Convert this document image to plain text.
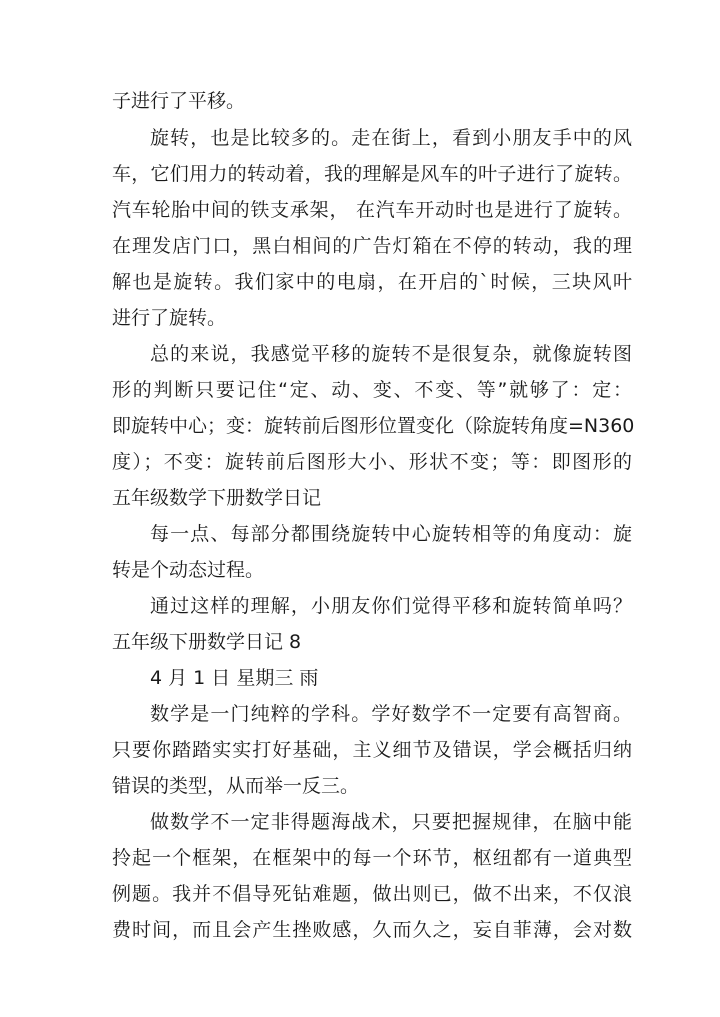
子进行了平移。
旋转，也是比较多的。走在街上，看到小朋友手中的风
车，它们用力的转动着，我的理解是风车的叶子进行了旋转。
汽车轮胎中间的铁支承架， 在汽车开动时也是进行了旋转。
在理发店门口，黑白相间的广告灯箱在不停的转动，我的理
解也是旋转。我们家中的电扇，在开启的`时候，三块风叶
进行了旋转。
总的来说，我感觉平移的旋转不是很复杂，就像旋转图
形的判断只要记住“定、动、变、不变、等”就够了：定：
即旋转中心；变：旋转前后图形位置变化（除旋转角度=N360
度）；不变：旋转前后图形大小、形状不变；等：即图形的
五年级数学下册数学日记
每一点、每部分都围绕旋转中心旋转相等的角度动：旋
转是个动态过程。
通过这样的理解，小朋友你们觉得平移和旋转简单吗？
五年级下册数学日记 8
4 月 1 日 星期三 雨
数学是一门纯粹的学科。学好数学不一定要有高智商。
只要你踏踏实实打好基础，主义细节及错误，学会概括归纳
错误的类型，从而举一反三。
做数学不一定非得题海战术，只要把握规律，在脑中能
拎起一个框架，在框架中的每一个环节，枢纽都有一道典型
例题。我并不倡导死钻难题，做出则已，做不出来，不仅浪
费时间，而且会产生挫败感，久而久之，妄自菲薄，会对数
